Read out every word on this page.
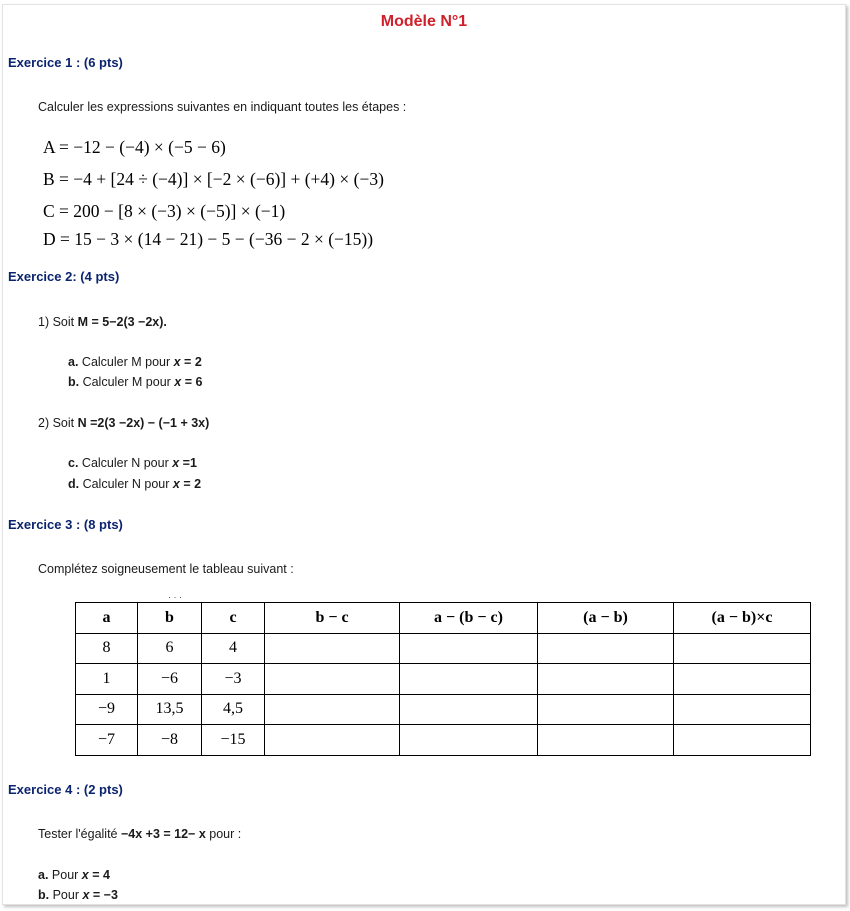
Modèle N°1
Exercice 1 : (6 pts)
Calculer les expressions suivantes en indiquant toutes les étapes :
A = −12 − (−4) × (−5 − 6)
B = −4 + [24 ÷ (−4)] × [−2 × (−6)] + (+4) × (−3)
C = 200 − [8 × (−3) × (−5)] × (−1)
D = 15 − 3 × (14 − 21) − 5 − (−36 − 2 × (−15))
Exercice 2: (4 pts)
1) Soit M = 5−2(3 −2x).
a. Calculer M pour x = 2
b. Calculer M pour x = 6
2) Soit N =2(3 −2x) − (−1 + 3x)
c. Calculer N pour x =1
d. Calculer N pour x = 2
Exercice 3 : (8 pts)
Complétez soigneusement le tableau suivant :
· · ·
a	b	c	b − c	a − (b − c)	(a − b)	(a − b)×c
8	6	4				
1	−6	−3				
−9	13,5	4,5				
−7	−8	−15				
Exercice 4 : (2 pts)
Tester l'égalité −4x +3 = 12− x pour :
a. Pour x = 4
b. Pour x = −3
